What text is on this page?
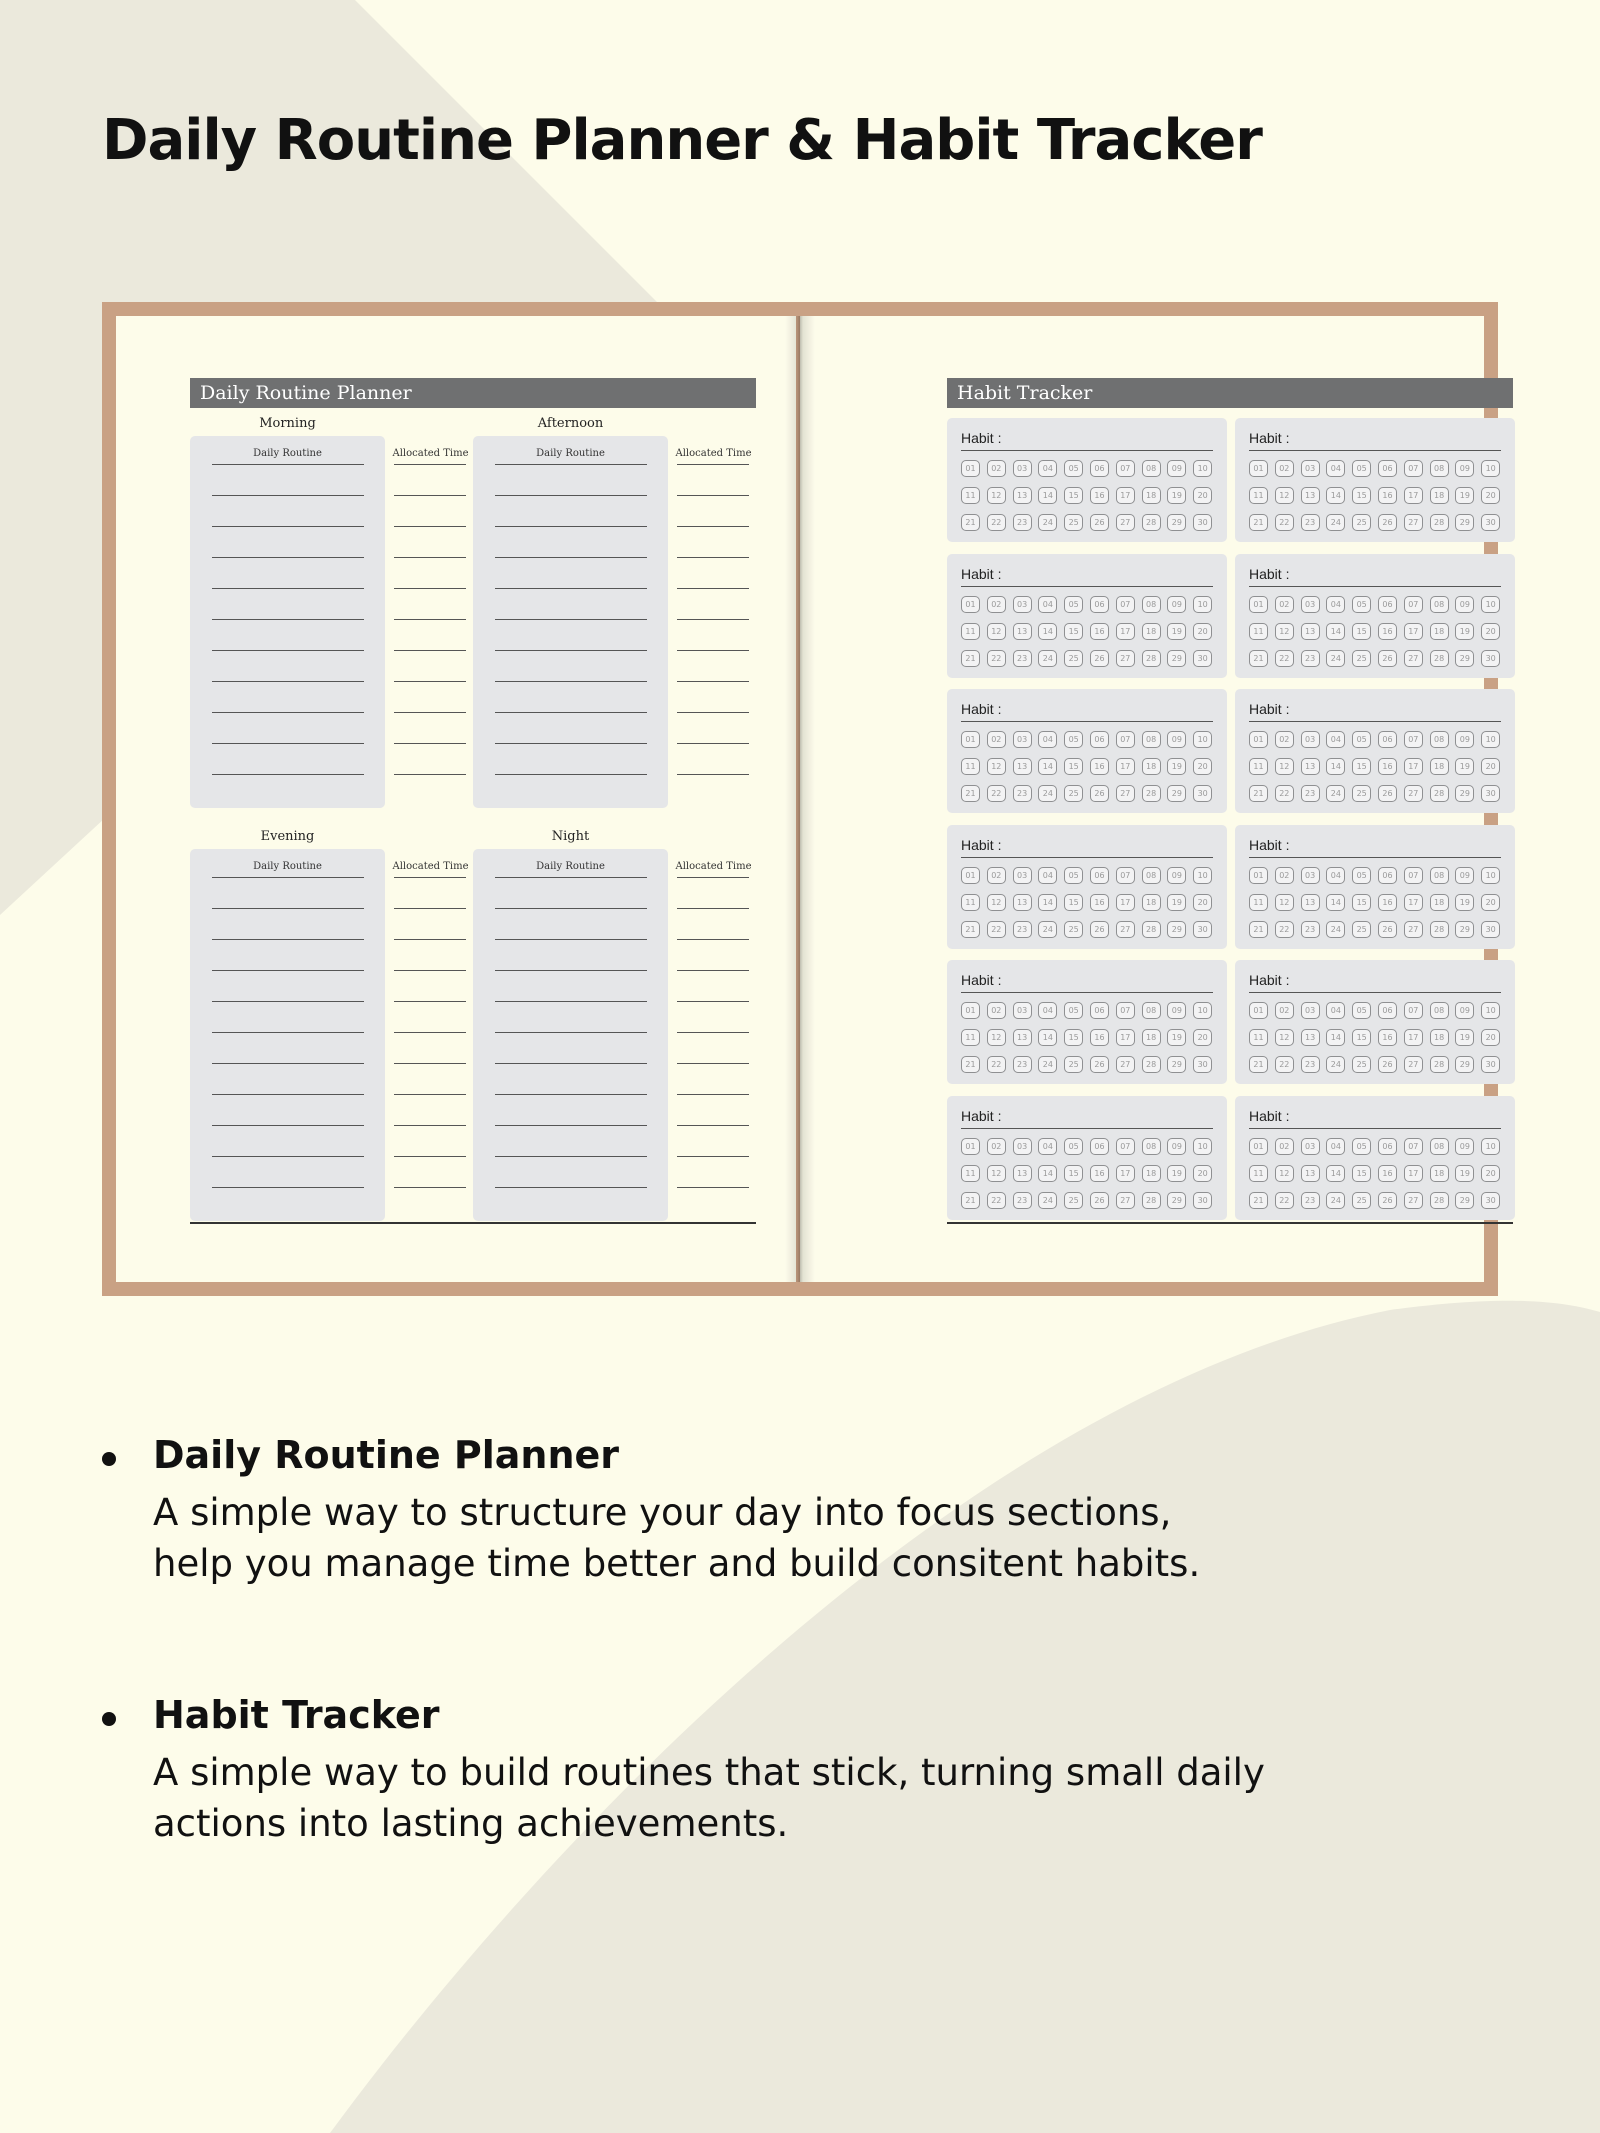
Daily Routine Planner & Habit Tracker
Daily Routine Planner
Morning
Daily Routine	Allocated Time
Afternoon
Daily Routine	Allocated Time
Evening
Daily Routine	Allocated Time
Night
Daily Routine	Allocated Time
Habit Tracker
Habit :
01	02	03	04	05	06	07	08	09	10
11	12	13	14	15	16	17	18	19	20
21	22	23	24	25	26	27	28	29	30
Habit :
01	02	03	04	05	06	07	08	09	10
11	12	13	14	15	16	17	18	19	20
21	22	23	24	25	26	27	28	29	30
Habit :
01	02	03	04	05	06	07	08	09	10
11	12	13	14	15	16	17	18	19	20
21	22	23	24	25	26	27	28	29	30
Habit :
01	02	03	04	05	06	07	08	09	10
11	12	13	14	15	16	17	18	19	20
21	22	23	24	25	26	27	28	29	30
Habit :
01	02	03	04	05	06	07	08	09	10
11	12	13	14	15	16	17	18	19	20
21	22	23	24	25	26	27	28	29	30
Habit :
01	02	03	04	05	06	07	08	09	10
11	12	13	14	15	16	17	18	19	20
21	22	23	24	25	26	27	28	29	30
Habit :
01	02	03	04	05	06	07	08	09	10
11	12	13	14	15	16	17	18	19	20
21	22	23	24	25	26	27	28	29	30
Habit :
01	02	03	04	05	06	07	08	09	10
11	12	13	14	15	16	17	18	19	20
21	22	23	24	25	26	27	28	29	30
Habit :
01	02	03	04	05	06	07	08	09	10
11	12	13	14	15	16	17	18	19	20
21	22	23	24	25	26	27	28	29	30
Habit :
01	02	03	04	05	06	07	08	09	10
11	12	13	14	15	16	17	18	19	20
21	22	23	24	25	26	27	28	29	30
Habit :
01	02	03	04	05	06	07	08	09	10
11	12	13	14	15	16	17	18	19	20
21	22	23	24	25	26	27	28	29	30
Habit :
01	02	03	04	05	06	07	08	09	10
11	12	13	14	15	16	17	18	19	20
21	22	23	24	25	26	27	28	29	30
Daily Routine Planner
A simple way to structure your day into focus sections,
help you manage time better and build consitent habits.
Habit Tracker
A simple way to build routines that stick, turning small daily
actions into lasting achievements.
